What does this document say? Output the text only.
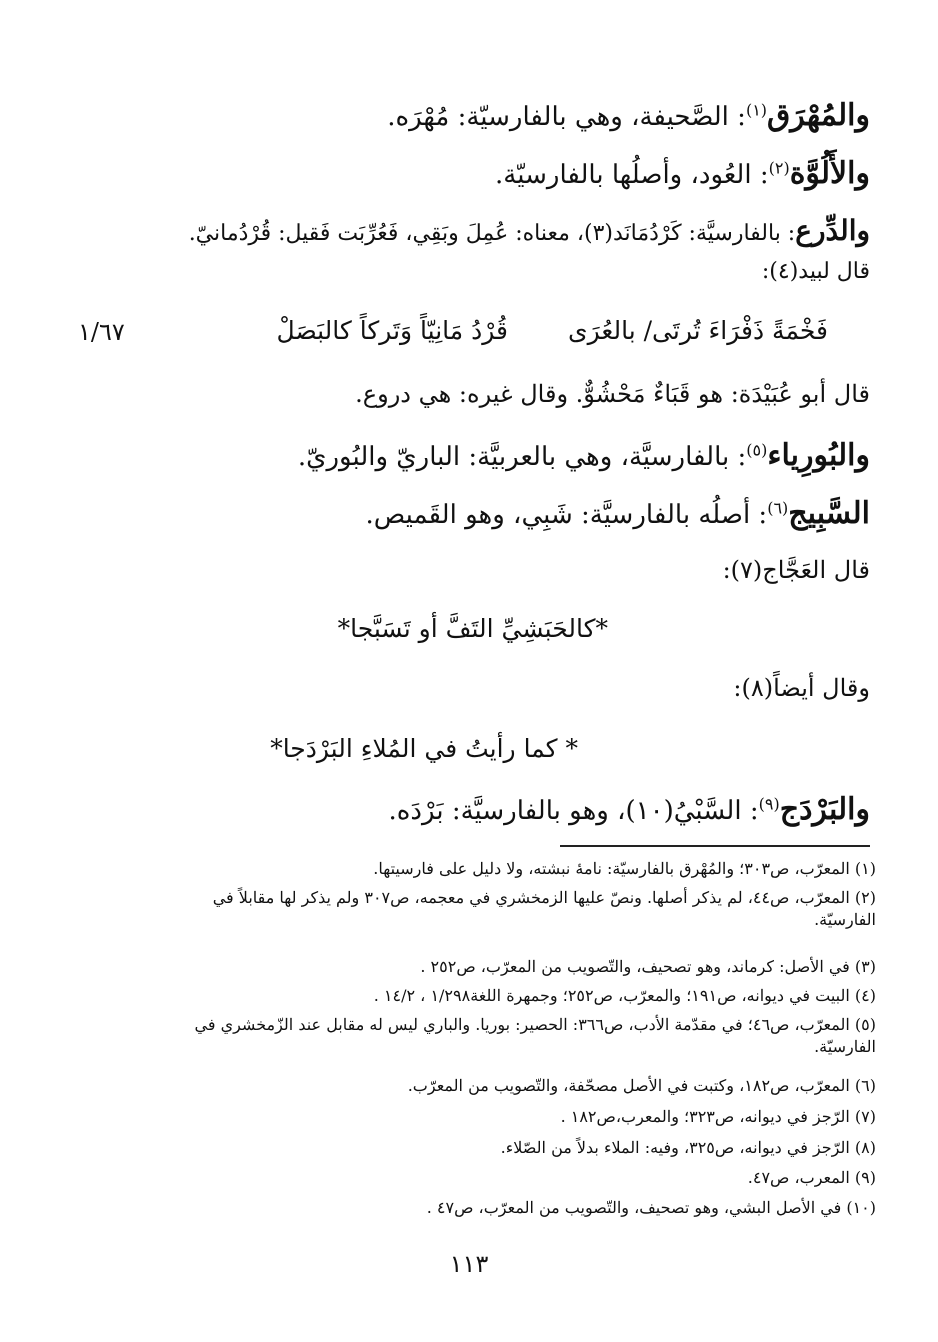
والمُهْرَق$^{(١)}$: الصَّحيفة، وهي بالفارسيّة: مُهْرَه.
والأَلُوَّة$^{(٢)}$: العُود، وأصلُها بالفارسيّة.
والدِّرع: بالفارسيَّة: كَرْدُمَانَد(٣)، معناه: عُمِلَ وبَقِي، فَعُرِّبَت فَقيل: قُرْدُمانيّ.
قال لبيد(٤):
فَخْمَةً ذَفْرَاءَ تُرتَى/ بالعُرَى
قُرْدُ مَانِيّاً وَتَركاً كالبَصَلْ
١/٦٧
قال أبو عُبَيْدَة: هو قَبَاءٌ مَحْشُوٌّ. وقال غيره: هي دروع.
والبُورِياء$^{(٥)}$: بالفارسيَّة، وهي بالعربيَّة: الباريّ والبُوريّ.
السَّبِيج$^{(٦)}$: أصلُه بالفارسيَّة: شَبِي، وهو القَميص.
قال العَجَّاج(٧):
*كالحَبَشِيِّ التَفَّ أو تَسَبَّجا*
وقال أيضاً(٨):
* كما رأيتُ في المُلاءِ البَرْدَجا*
والبَرْدَج$^{(٩)}$: السَّبْيُ(١٠)، وهو بالفارسيَّة: بَرْدَه.
(١) المعرّب، ص٣٠٣؛ والمُهْرق بالفارسيّة: نامهٔ نبشته، ولا دليل على فارسيتها.
(٢) المعرّب، ص٤٤، لم يذكر أصلها. ونصّ عليها الزمخشري في معجمه، ص٣٠٧ ولم يذكر لها مقابلاً في الفارسيّة.
(٣) في الأصل: كرماند، وهو تصحيف، والتّصويب من المعرّب، ص٢٥٢ .
(٤) البيت في ديوانه، ص١٩١؛ والمعرّب، ص٢٥٢؛ وجمهرة اللغة١/٢٩٨ ، ١٤/٢ .
(٥) المعرّب، ص٤٦؛ في مقدّمة الأدب، ص٣٦٦: الحصير: بوريا. والباري ليس له مقابل عند الزّمخشري في الفارسيّة.
(٦) المعرّب، ص١٨٢، وكتبت في الأصل مصحّفة، والتّصويب من المعرّب.
(٧) الرّجز في ديوانه، ص٣٢٣؛ والمعرب،ص١٨٢ .
(٨) الرّجز في ديوانه، ص٣٢٥، وفيه: الملاء بدلاً من الصّلاء.
(٩) المعرب، ص٤٧.
(١٠) في الأصل البشي، وهو تصحيف، والتّصويب من المعرّب، ص٤٧ .
١١٣
